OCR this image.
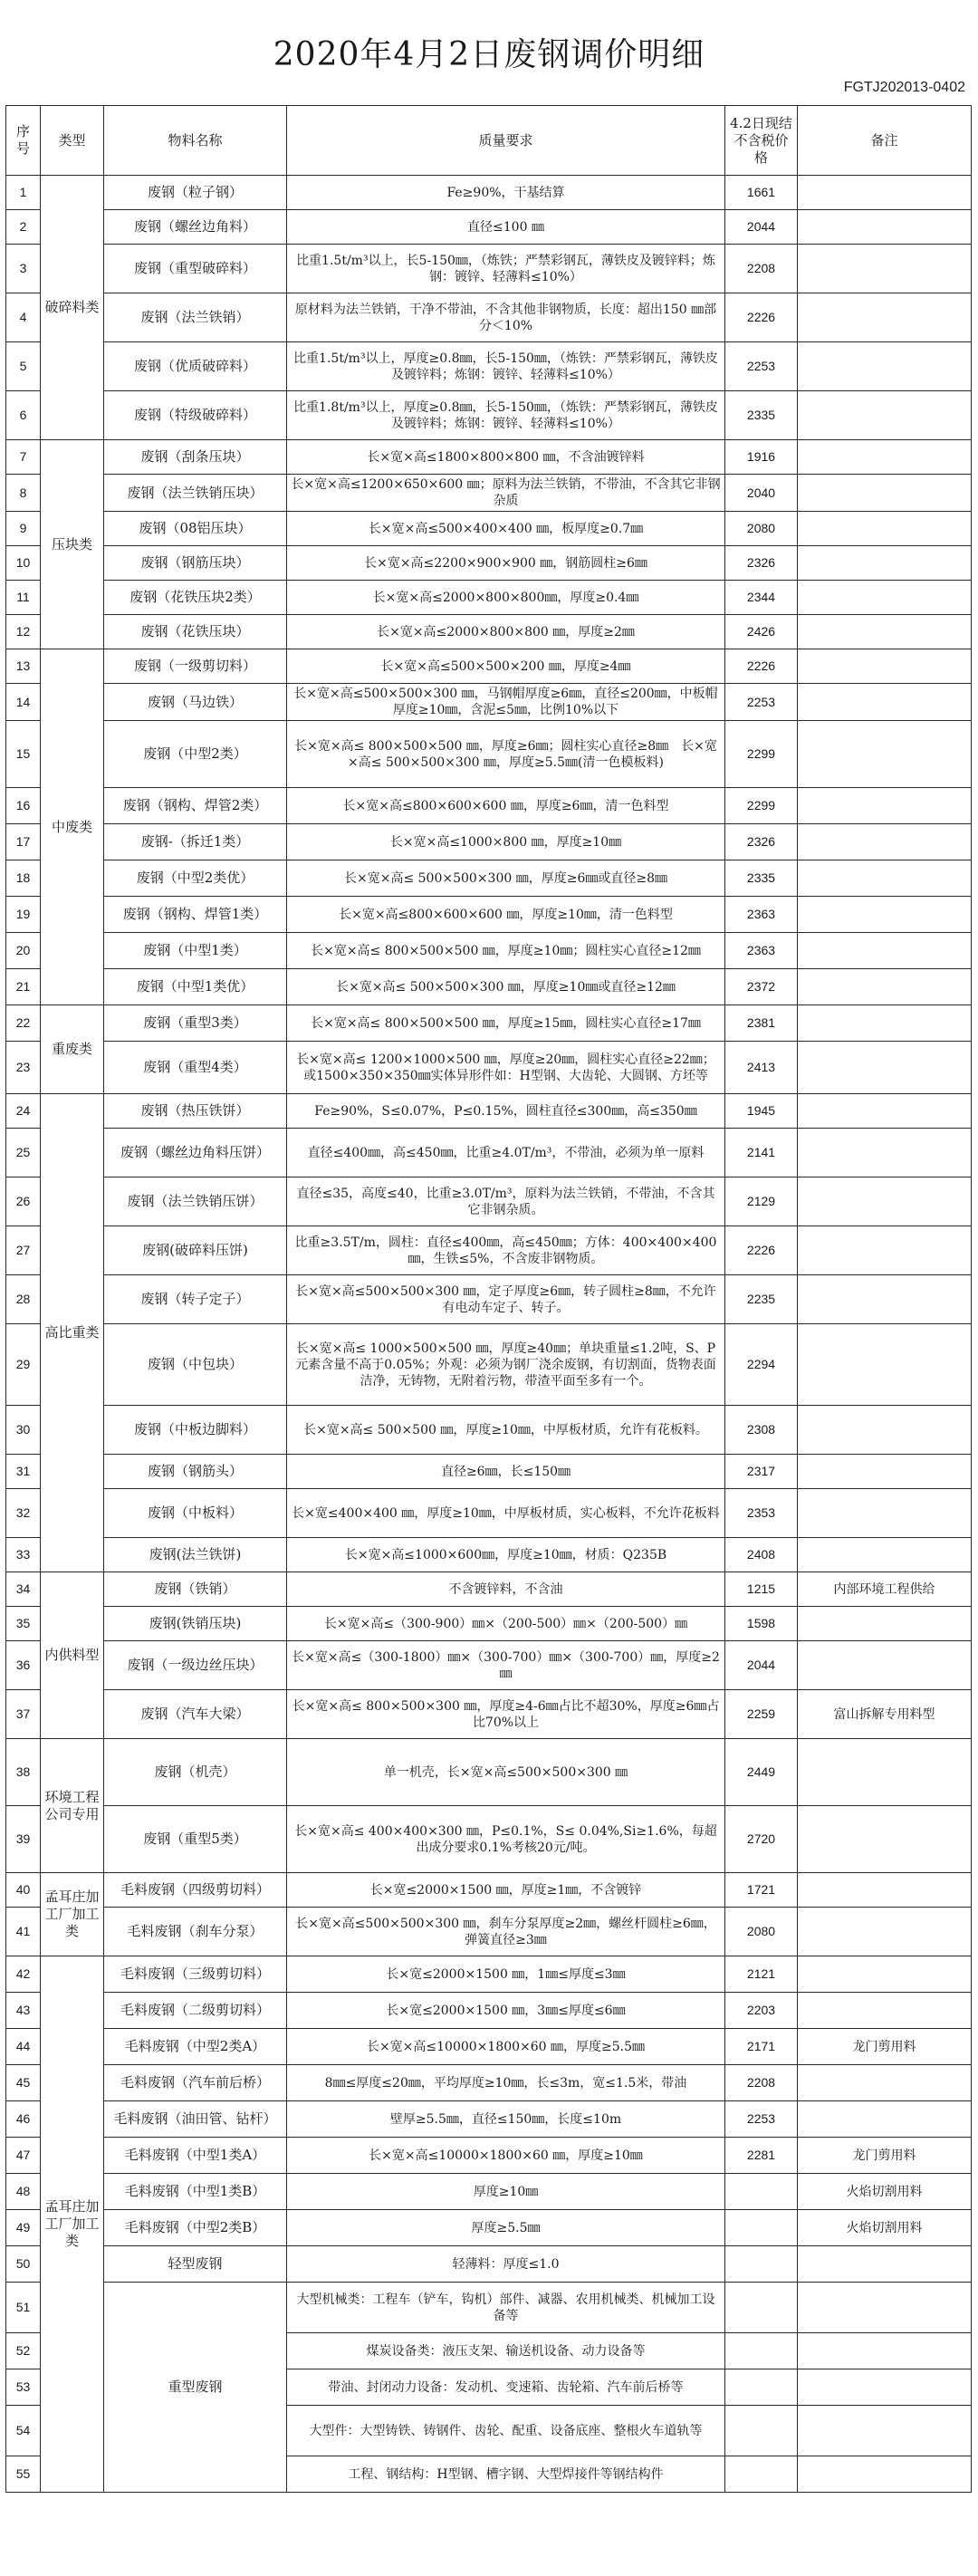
2020年4月2日废钢调价明细
FGTJ202013-0402
序号	类型	物料名称	质量要求	4.2日现结不含税价格	备注
1	破碎料类	废钢（粒子钢）	Fe≥90%，干基结算	1661	
2		废钢（螺丝边角料）	直径≤100 ㎜	2044	
3		废钢（重型破碎料）	比重1.5t/m³以上，长5-150㎜，（炼铁；严禁彩钢瓦，薄铁皮及镀锌料；炼钢：镀锌、轻薄料≤10%）	2208	
4		废钢（法兰铁销）	原材料为法兰铁销，干净不带油，不含其他非钢物质，长度：超出150 ㎜部分＜10%	2226	
5		废钢（优质破碎料）	比重1.5t/m³以上，厚度≥0.8㎜，长5-150㎜，（炼铁：严禁彩钢瓦，薄铁皮及镀锌料；炼钢：镀锌、轻薄料≤10%）	2253	
6		废钢（特级破碎料）	比重1.8t/m³以上，厚度≥0.8㎜，长5-150㎜，（炼铁：严禁彩钢瓦，薄铁皮及镀锌料；炼钢：镀锌、轻薄料≤10%）	2335	
7	压块类	废钢（刮条压块）	长×宽×高≤1800×800×800 ㎜，不含油镀锌料	1916	
8		废钢（法兰铁销压块）	长×宽×高≤1200×650×600 ㎜；原料为法兰铁销，不带油，不含其它非钢杂质	2040	
9		废钢（08铝压块）	长×宽×高≤500×400×400 ㎜，板厚度≥0.7㎜	2080	
10		废钢（钢筋压块）	长×宽×高≤2200×900×900 ㎜，钢筋圆柱≥6㎜	2326	
11		废钢（花铁压块2类）	长×宽×高≤2000×800×800㎜，厚度≥0.4㎜	2344	
12		废钢（花铁压块）	长×宽×高≤2000×800×800 ㎜，厚度≥2㎜	2426	
13	中废类	废钢（一级剪切料）	长×宽×高≤500×500×200 ㎜，厚度≥4㎜	2226	
14		废钢（马边铁）	长×宽×高≤500×500×300 ㎜，马钢帽厚度≥6㎜，直径≤200㎜，中板帽厚度≥10㎜，含泥≤5㎜，比例10%以下	2253	
15		废钢（中型2类）	长×宽×高≤ 800×500×500 ㎜，厚度≥6㎜；圆柱实心直径≥8㎜　长×宽×高≤ 500×500×300 ㎜，厚度≥5.5㎜(清一色模板料)	2299	
16		废钢（钢构、焊管2类）	长×宽×高≤800×600×600 ㎜，厚度≥6㎜，清一色料型	2299	
17		废钢-（拆迁1类）	长×宽×高≤1000×800 ㎜，厚度≥10㎜	2326	
18		废钢（中型2类优）	长×宽×高≤ 500×500×300 ㎜，厚度≥6㎜或直径≥8㎜	2335	
19		废钢（钢构、焊管1类）	长×宽×高≤800×600×600 ㎜，厚度≥10㎜，清一色料型	2363	
20		废钢（中型1类）	长×宽×高≤ 800×500×500 ㎜，厚度≥10㎜；圆柱实心直径≥12㎜	2363	
21		废钢（中型1类优）	长×宽×高≤ 500×500×300 ㎜，厚度≥10㎜或直径≥12㎜	2372	
22	重废类	废钢（重型3类）	长×宽×高≤ 800×500×500 ㎜，厚度≥15㎜，圆柱实心直径≥17㎜	2381	
23		废钢（重型4类）	长×宽×高≤ 1200×1000×500 ㎜，厚度≥20㎜，圆柱实心直径≥22㎜；或1500×350×350㎜实体异形件如：H型钢、大齿轮、大圆钢、方坯等	2413	
24	高比重类	废钢（热压铁饼）	Fe≥90%，S≤0.07%，P≤0.15%，圆柱直径≤300㎜，高≤350㎜	1945	
25		废钢（螺丝边角料压饼）	直径≤400㎜，高≤450㎜，比重≥4.0T/m³，不带油，必须为单一原料	2141	
26		废钢（法兰铁销压饼）	直径≤35，高度≤40，比重≥3.0T/m³，原料为法兰铁销，不带油，不含其它非钢杂质。	2129	
27		废钢(破碎料压饼)	比重≥3.5T/m，圆柱：直径≤400㎜，高≤450㎜；方体：400×400×400㎜，生铁≤5%，不含废非钢物质。	2226	
28		废钢（转子定子）	长×宽×高≤500×500×300 ㎜，定子厚度≥6㎜，转子圆柱≥8㎜，不允许有电动车定子、转子。	2235	
29		废钢（中包块）	长×宽×高≤ 1000×500×500 ㎜，厚度≥40㎜；单块重量≤1.2吨，S、P元素含量不高于0.05%；外观：必须为钢厂浇余废钢，有切割面，货物表面洁净，无铸物，无附着污物，带渣平面至多有一个。	2294	
30		废钢（中板边脚料）	长×宽×高≤ 500×500 ㎜，厚度≥10㎜，中厚板材质，允许有花板料。	2308	
31		废钢（钢筋头）	直径≥6㎜，长≤150㎜	2317	
32		废钢（中板料）	长×宽≤400×400 ㎜，厚度≥10㎜，中厚板材质，实心板料，不允许花板料	2353	
33		废钢(法兰铁饼)	长×宽×高≤1000×600㎜，厚度≥10㎜，材质：Q235B	2408	
34	内供料型	废钢（铁销）	不含镀锌料，不含油	1215	内部环境工程供给
35		废钢(铁销压块)	长×宽×高≤（300-900）㎜×（200-500）㎜×（200-500）㎜	1598	
36		废钢（一级边丝压块）	长×宽×高≤（300-1800）㎜×（300-700）㎜×（300-700）㎜，厚度≥2㎜	2044	
37		废钢（汽车大梁）	长×宽×高≤ 800×500×300 ㎜，厚度≥4-6㎜占比不超30%，厚度≥6㎜占比70%以上	2259	富山拆解专用料型
38	环境工程公司专用	废钢（机壳）	单一机壳，长×宽×高≤500×500×300 ㎜	2449	
39		废钢（重型5类）	长×宽×高≤ 400×400×300 ㎜，P≤0.1%，S≤ 0.04%,Si≥1.6%，每超出成分要求0.1%考核20元/吨。	2720	
40	孟耳庄加工厂加工类	毛料废钢（四级剪切料）	长×宽≤2000×1500 ㎜，厚度≥1㎜，不含镀锌	1721	
41		毛料废钢（刹车分泵）	长×宽×高≤500×500×300 ㎜，刹车分泵厚度≥2㎜，螺丝杆圆柱≥6㎜，弹簧直径≥3㎜	2080	
42	孟耳庄加工厂加工类	毛料废钢（三级剪切料）	长×宽≤2000×1500 ㎜，1㎜≤厚度≤3㎜	2121	
43		毛料废钢（二级剪切料）	长×宽≤2000×1500 ㎜，3㎜≤厚度≤6㎜	2203	
44		毛料废钢（中型2类A）	长×宽×高≤10000×1800×60 ㎜，厚度≥5.5㎜	2171	龙门剪用料
45		毛料废钢（汽车前后桥）	8㎜≤厚度≤20㎜，平均厚度≥10㎜，长≤3m，宽≤1.5米，带油	2208	
46		毛料废钢（油田管、钻杆）	壁厚≥5.5㎜，直径≤150㎜，长度≤10m	2253	
47		毛料废钢（中型1类A）	长×宽×高≤10000×1800×60 ㎜，厚度≥10㎜	2281	龙门剪用料
48		毛料废钢（中型1类B）	厚度≥10㎜		火焰切割用料
49		毛料废钢（中型2类B）	厚度≥5.5㎜		火焰切割用料
50		轻型废钢	轻薄料：厚度≤1.0		
51		重型废钢	大型机械类：工程车（铲车，钩机）部件、减器、农用机械类、机械加工设备等		
52			煤炭设备类：液压支架、输送机设备、动力设备等		
53			带油、封闭动力设备：发动机、变速箱、齿轮箱、汽车前后桥等		
54			大型件：大型铸铁、铸钢件、齿轮、配重、设备底座、整根火车道轨等		
55			工程、钢结构：H型钢、槽字钢、大型焊接件等钢结构件		
